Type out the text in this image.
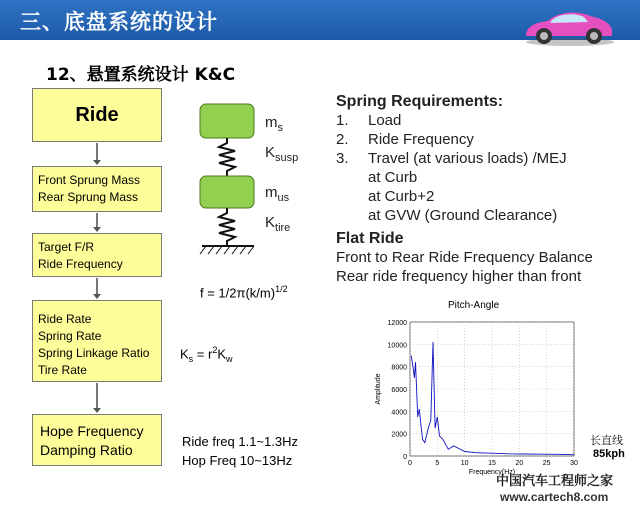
三、底盘系统的设计
12、悬置系统设计 K&C
Ride
Front Sprung Mass
Rear Sprung Mass
Target F/R
Ride Frequency
Ride Rate
Spring Rate
Spring Linkage Ratio
Tire Rate
Hope Frequency
Damping Ratio
$m_s$
$K_{susp}$
$m_{us}$
$K_{tire}$
$f = 1/2\pi(k/m)^{1/2}$
$K_s = r^2K_w$
Ride freq 1.1~1.3Hz
Hop Freq 10~13Hz
Spring Requirements:
1. Load
2. Ride Frequency
3. Travel (at various loads) /MEJ
at Curb
at Curb+2
at GVW (Ground Clearance)
Flat Ride
Front to Rear Ride Frequency Balance
Rear ride frequency higher than front
0
2000
4000
6000
8000
10000
12000
0	5	10	15	20	25	30
Frequency(Hz)
Amplitude
Pitch-Angle
长直线
85kph
中国汽车工程师之家
www.cartech8.com
